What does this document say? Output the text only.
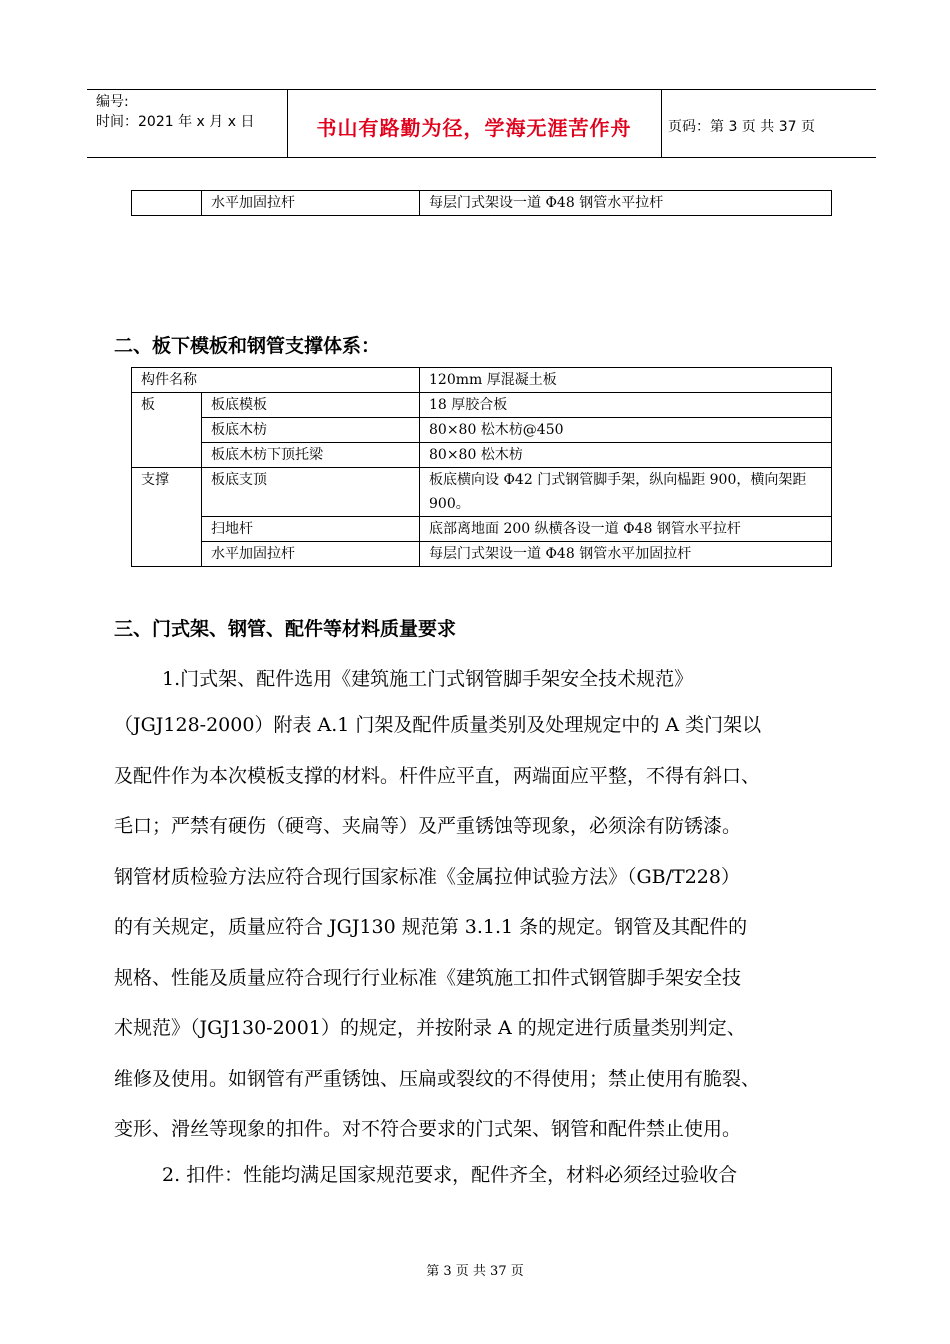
编号:
时间：2021 年 x 月 x 日	书山有路勤为径，学海无涯苦作舟	页码：第 3 页 共 37 页
	水平加固拉杆	每层门式架设一道 Φ48 钢管水平拉杆
二、板下模板和钢管支撑体系：
构件名称		120mm 厚混凝土板
板	板底模板	18 厚胶合板
	板底木枋	80×80 松木枋@450
	板底木枋下顶托梁	80×80 松木枋
支撑	板底支顶	板底横向设 Φ42 门式钢管脚手架，纵向榀距 900，横向架距 900。
	扫地杆	底部离地面 200 纵横各设一道 Φ48 钢管水平拉杆
	水平加固拉杆	每层门式架设一道 Φ48 钢管水平加固拉杆
三、门式架、钢管、配件等材料质量要求
1.门式架、配件选用《建筑施工门式钢管脚手架安全技术规范》
（JGJ128-2000）附表 A.1 门架及配件质量类别及处理规定中的 A 类门架以
及配件作为本次模板支撑的材料。杆件应平直，两端面应平整，不得有斜口、
毛口；严禁有硬伤（硬弯、夹扁等）及严重锈蚀等现象，必须涂有防锈漆。
钢管材质检验方法应符合现行国家标准《金属拉伸试验方法》（GB/T228）
的有关规定，质量应符合 JGJ130 规范第 3.1.1 条的规定。钢管及其配件的
规格、性能及质量应符合现行行业标准《建筑施工扣件式钢管脚手架安全技
术规范》（JGJ130-2001）的规定，并按附录 A 的规定进行质量类别判定、
维修及使用。如钢管有严重锈蚀、压扁或裂纹的不得使用；禁止使用有脆裂、
变形、滑丝等现象的扣件。对不符合要求的门式架、钢管和配件禁止使用。
2. 扣件：性能均满足国家规范要求，配件齐全，材料必须经过验收合
第 3 页 共 37 页
